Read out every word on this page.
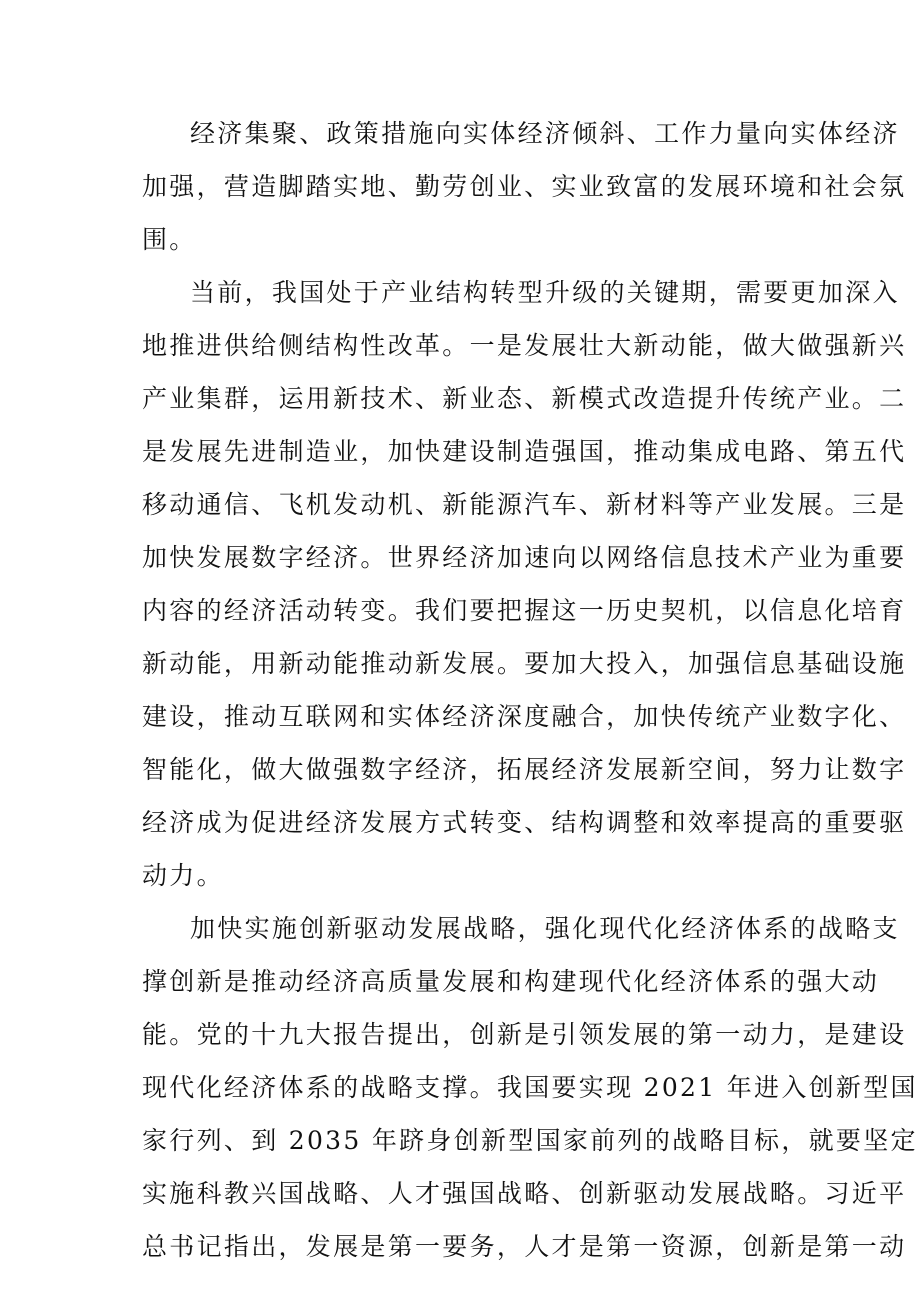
经济集聚、政策措施向实体经济倾斜、工作力量向实体经济
加强，营造脚踏实地、勤劳创业、实业致富的发展环境和社会氛
围。
当前，我国处于产业结构转型升级的关键期，需要更加深入
地推进供给侧结构性改革。一是发展壮大新动能，做大做强新兴
产业集群，运用新技术、新业态、新模式改造提升传统产业。二
是发展先进制造业，加快建设制造强国，推动集成电路、第五代
移动通信、飞机发动机、新能源汽车、新材料等产业发展。三是
加快发展数字经济。世界经济加速向以网络信息技术产业为重要
内容的经济活动转变。我们要把握这一历史契机，以信息化培育
新动能，用新动能推动新发展。要加大投入，加强信息基础设施
建设，推动互联网和实体经济深度融合，加快传统产业数字化、
智能化，做大做强数字经济，拓展经济发展新空间，努力让数字
经济成为促进经济发展方式转变、结构调整和效率提高的重要驱
动力。
加快实施创新驱动发展战略，强化现代化经济体系的战略支
撑创新是推动经济高质量发展和构建现代化经济体系的强大动
能。党的十九大报告提出，创新是引领发展的第一动力，是建设
现代化经济体系的战略支撑。我国要实现 2021 年进入创新型国
家行列、到 2035 年跻身创新型国家前列的战略目标，就要坚定
实施科教兴国战略、人才强国战略、创新驱动发展战略。习近平
总书记指出，发展是第一要务，人才是第一资源，创新是第一动
